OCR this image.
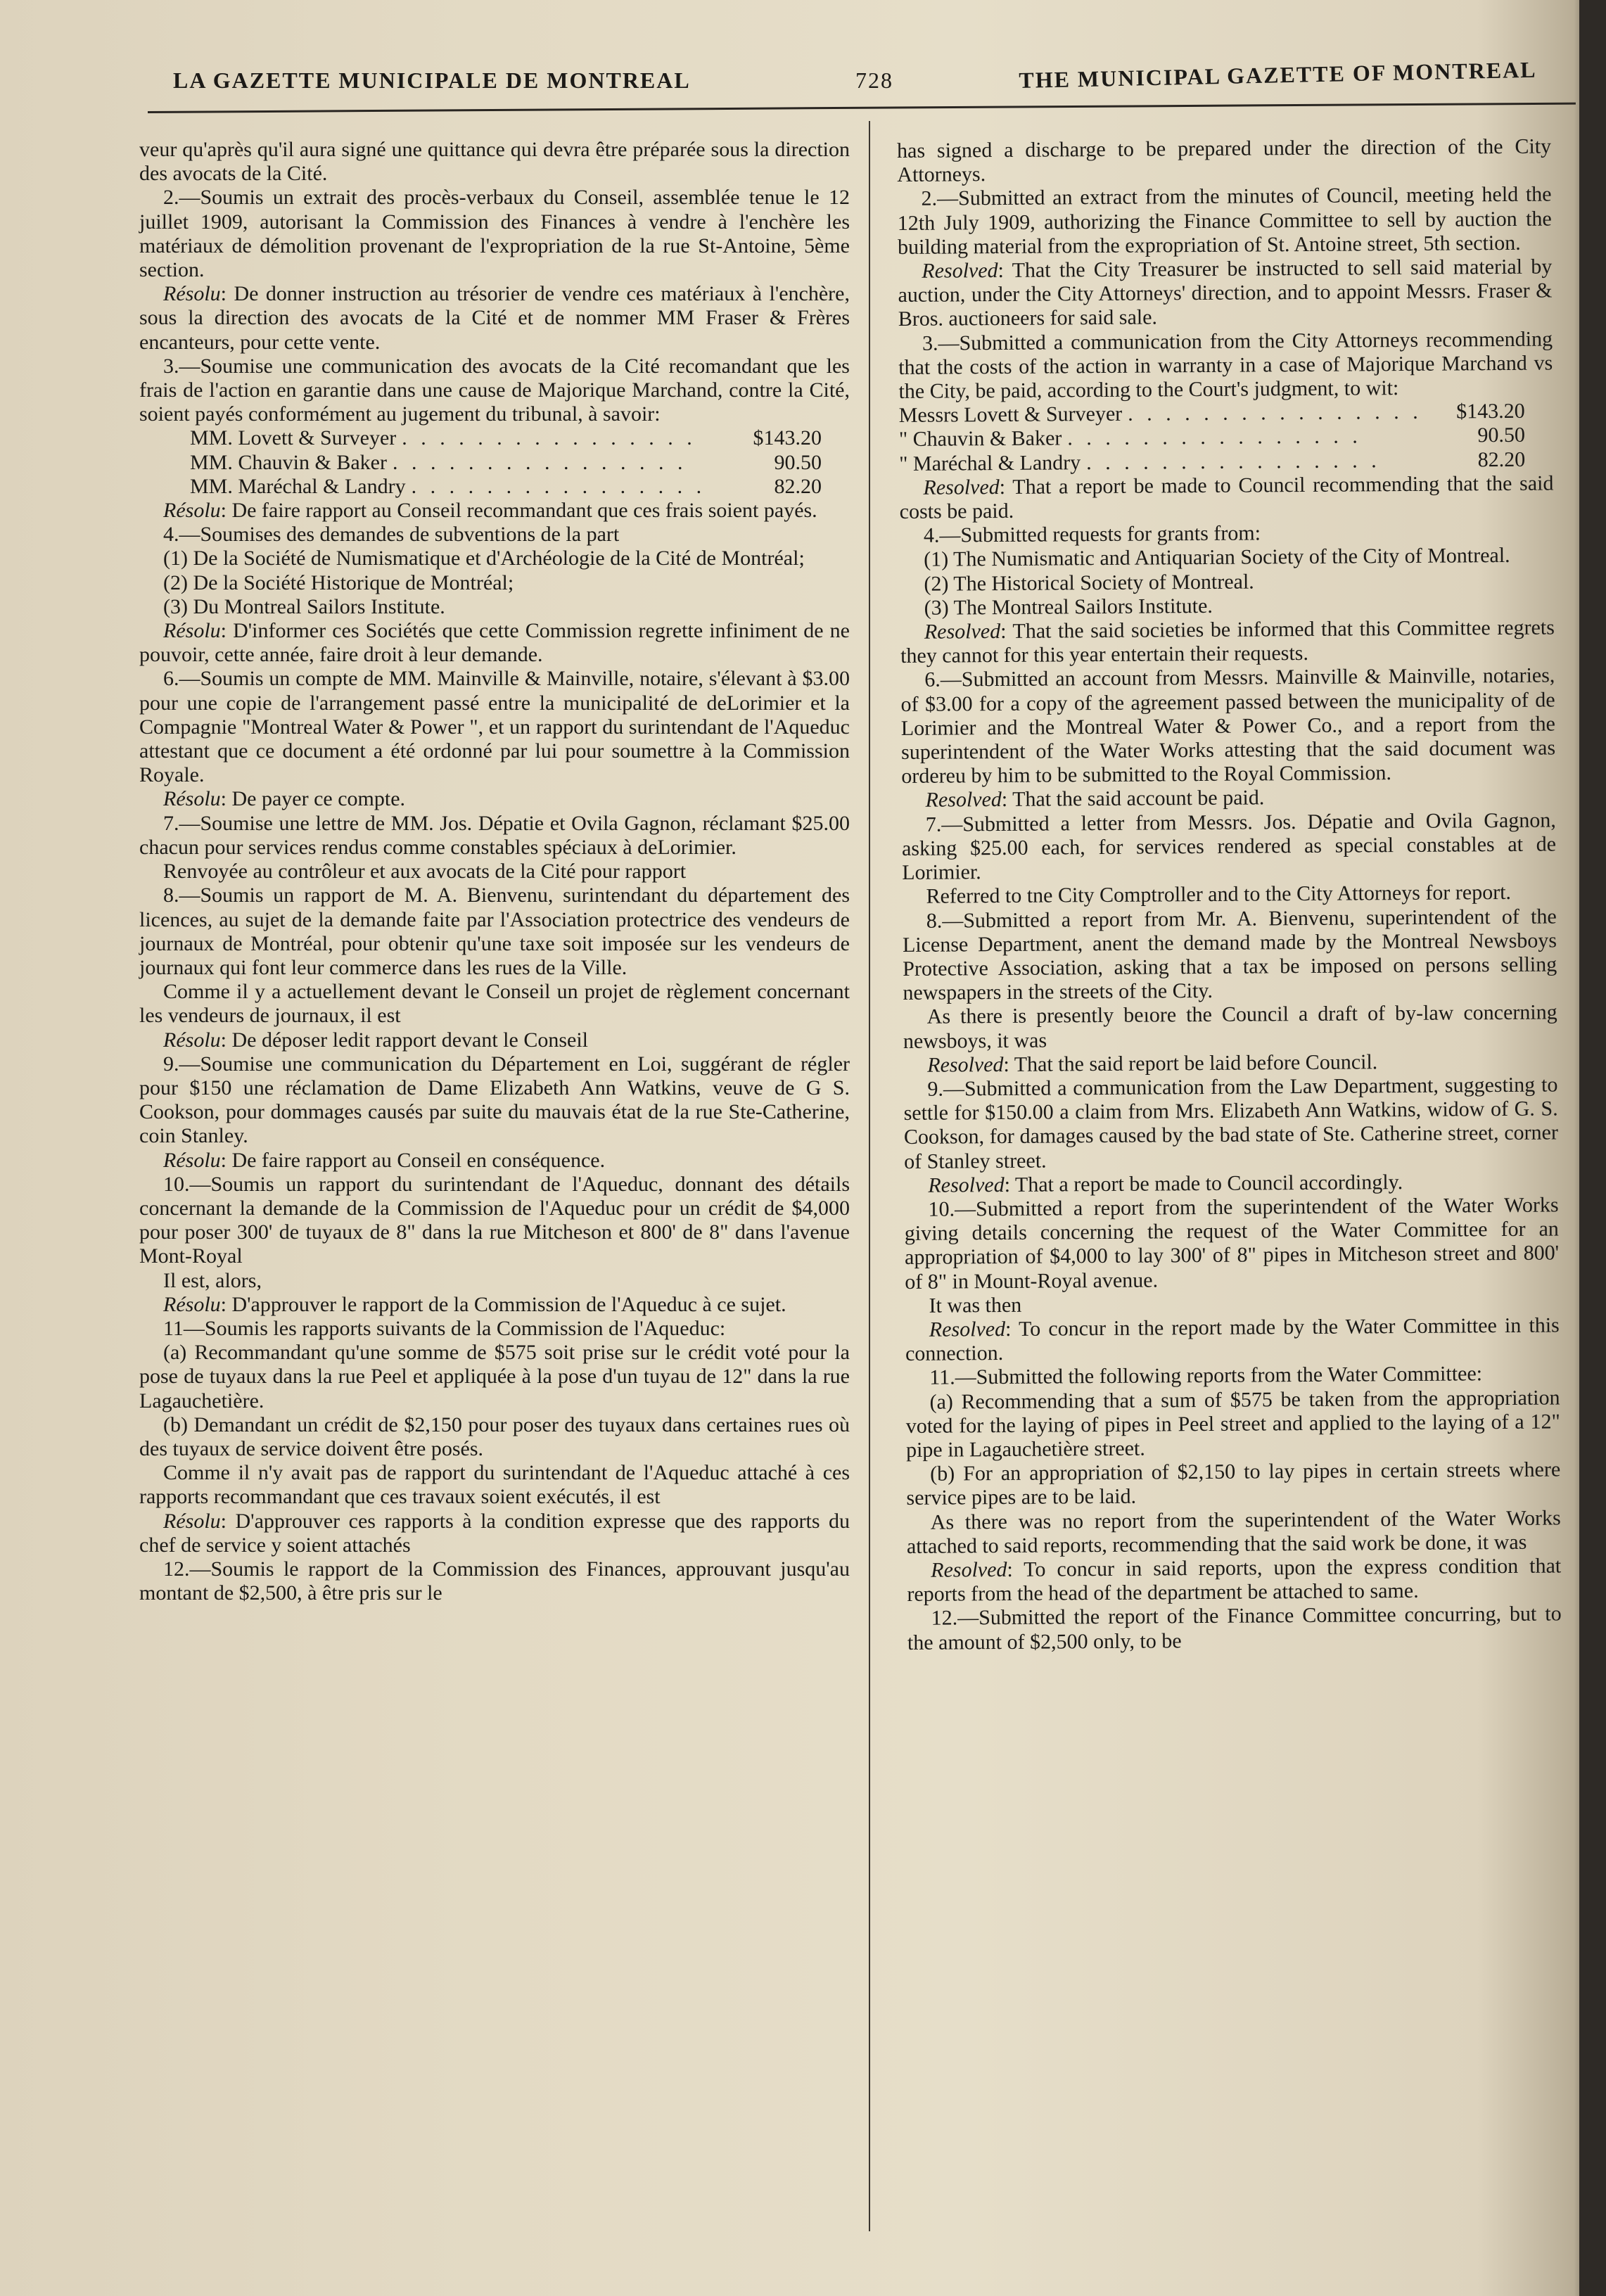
LA GAZETTE MUNICIPALE DE MONTREAL	728	THE MUNICIPAL GAZETTE OF MONTREAL

veur qu'après qu'il aura signé une quittance qui devra être préparée sous la direction des avocats de la Cité.

2.—Soumis un extrait des procès-verbaux du Conseil, assemblée tenue le 12 juillet 1909, autorisant la Commission des Finances à vendre à l'enchère les matériaux de démolition provenant de l'expropriation de la rue St-Antoine, 5ème section.

Résolu: De donner instruction au trésorier de vendre ces matériaux à l'enchère, sous la direction des avocats de la Cité et de nommer MM Fraser & Frères encanteurs, pour cette vente.

3.—Soumise une communication des avocats de la Cité recomandant que les frais de l'action en garantie dans une cause de Majorique Marchand, contre la Cité, soient payés conformément au jugement du tribunal, à savoir:

MM. Lovett & Surveyer . . . . . . . . . . . . . . . .	$143.20
MM. Chauvin & Baker . . . . . . . . . . . . . . . .	90.50
MM. Maréchal & Landry . . . . . . . . . . . . . . . .	82.20

Résolu: De faire rapport au Conseil recommandant que ces frais soient payés.

4.—Soumises des demandes de subventions de la part

(1) De la Société de Numismatique et d'Archéologie de la Cité de Montréal;

(2) De la Société Historique de Montréal;

(3) Du Montreal Sailors Institute.

Résolu: D'informer ces Sociétés que cette Commission regrette infiniment de ne pouvoir, cette année, faire droit à leur demande.

6.—Soumis un compte de MM. Mainville & Mainville, notaire, s'élevant à $3.00 pour une copie de l'arrangement passé entre la municipalité de deLorimier et la Compagnie "Montreal Water & Power ", et un rapport du surintendant de l'Aqueduc attestant que ce document a été ordonné par lui pour soumettre à la Commission Royale.

Résolu: De payer ce compte.

7.—Soumise une lettre de MM. Jos. Dépatie et Ovila Gagnon, réclamant $25.00 chacun pour services rendus comme constables spéciaux à deLorimier.

Renvoyée au contrôleur et aux avocats de la Cité pour rapport

8.—Soumis un rapport de M. A. Bienvenu, surintendant du département des licences, au sujet de la demande faite par l'Association protectrice des vendeurs de journaux de Montréal, pour obtenir qu'une taxe soit imposée sur les vendeurs de journaux qui font leur commerce dans les rues de la Ville.

Comme il y a actuellement devant le Conseil un projet de règlement concernant les vendeurs de journaux, il est

Résolu: De déposer ledit rapport devant le Conseil

9.—Soumise une communication du Département en Loi, suggérant de régler pour $150 une réclamation de Dame Elizabeth Ann Watkins, veuve de G S. Cookson, pour dommages causés par suite du mauvais état de la rue Ste-Catherine, coin Stanley.

Résolu: De faire rapport au Conseil en conséquence.

10.—Soumis un rapport du surintendant de l'Aqueduc, donnant des détails concernant la demande de la Commission de l'Aqueduc pour un crédit de $4,000 pour poser 300' de tuyaux de 8" dans la rue Mitcheson et 800' de 8" dans l'avenue Mont-Royal

Il est, alors,

Résolu: D'approuver le rapport de la Commission de l'Aqueduc à ce sujet.

11—Soumis les rapports suivants de la Commission de l'Aqueduc:

(a) Recommandant qu'une somme de $575 soit prise sur le crédit voté pour la pose de tuyaux dans la rue Peel et appliquée à la pose d'un tuyau de 12" dans la rue Lagauchetière.

(b) Demandant un crédit de $2,150 pour poser des tuyaux dans certaines rues où des tuyaux de service doivent être posés.

Comme il n'y avait pas de rapport du surintendant de l'Aqueduc attaché à ces rapports recommandant que ces travaux soient exécutés, il est

Résolu: D'approuver ces rapports à la condition expresse que des rapports du chef de service y soient attachés

12.—Soumis le rapport de la Commission des Finances, approuvant jusqu'au montant de $2,500, à être pris sur le

has signed a discharge to be prepared under the direction of the City Attorneys.

2.—Submitted an extract from the minutes of Council, meeting held the 12th July 1909, authorizing the Finance Committee to sell by auction the building material from the expropriation of St. Antoine street, 5th section.

Resolved: That the City Treasurer be instructed to sell said material by auction, under the City Attorneys' direction, and to appoint Messrs. Fraser & Bros. auctioneers for said sale.

3.—Submitted a communication from the City Attorneys recommending that the costs of the action in warranty in a case of Majorique Marchand vs the City, be paid, according to the Court's judgment, to wit:

Messrs Lovett & Surveyer . . . . . . . . . . . . . . . .	$143.20
" Chauvin & Baker . . . . . . . . . . . . . . . .	90.50
" Maréchal & Landry . . . . . . . . . . . . . . . .	82.20

Resolved: That a report be made to Council recommending that the said costs be paid.

4.—Submitted requests for grants from:

(1) The Numismatic and Antiquarian Society of the City of Montreal.

(2) The Historical Society of Montreal.

(3) The Montreal Sailors Institute.

Resolved: That the said societies be informed that this Committee regrets they cannot for this year entertain their requests.

6.—Submitted an account from Messrs. Mainville & Mainville, notaries, of $3.00 for a copy of the agreement passed between the municipality of de Lorimier and the Montreal Water & Power Co., and a report from the superintendent of the Water Works attesting that the said document was ordereu by him to be submitted to the Royal Commission.

Resolved: That the said account be paid.

7.—Submitted a letter from Messrs. Jos. Dépatie and Ovila Gagnon, asking $25.00 each, for services rendered as special constables at de Lorimier.

Referred to tne City Comptroller and to the City Attorneys for report.

8.—Submitted a report from Mr. A. Bienvenu, superintendent of the License Department, anent the demand made by the Montreal Newsboys Protective Association, asking that a tax be imposed on persons selling newspapers in the streets of the City.

As there is presently beıore the Council a draft of by-law concerning newsboys, it was

Resolved: That the said report be laid before Council.

9.—Submitted a communication from the Law Department, suggesting to settle for $150.00 a claim from Mrs. Elizabeth Ann Watkins, widow of G. S. Cookson, for damages caused by the bad state of Ste. Catherine street, corner of Stanley street.

Resolved: That a report be made to Council accordingly.

10.—Submitted a report from the superintendent of the Water Works giving details concerning the request of the Water Committee for an appropriation of $4,000 to lay 300' of 8" pipes in Mitcheson street and 800' of 8" in Mount-Royal avenue.

It was then

Resolved: To concur in the report made by the Water Committee in this connection.

11.—Submitted the following reports from the Water Committee:

(a) Recommending that a sum of $575 be taken from the appropriation voted for the laying of pipes in Peel street and applied to the laying of a 12" pipe in Lagauchetière street.

(b) For an appropriation of $2,150 to lay pipes in certain streets where service pipes are to be laid.

As there was no report from the superintendent of the Water Works attached to said reports, recommending that the said work be done, it was

Resolved: To concur in said reports, upon the express condition that reports from the head of the department be attached to same.

12.—Submitted the report of the Finance Committee concurring, but to the amount of $2,500 only, to be
